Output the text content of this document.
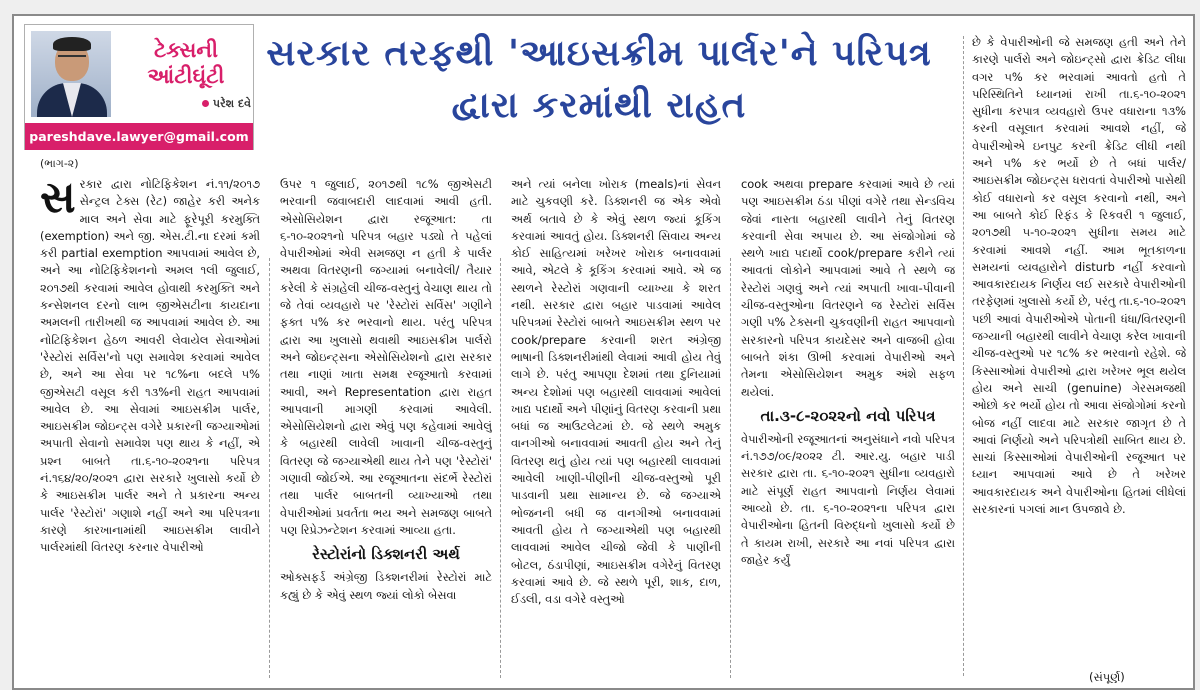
ટેક્સની આંટીઘૂંટી
પરેશ દવે
pareshdave.lawyer@gmail.com
(ભાગ-૨)
સરકાર તરફથી 'આઇસક્રીમ પાર્લર'ને પરિપત્ર દ્વારા કરમાંથી રાહત
સ રકાર દ્વારા નોટિફિકેશન નં.૧૧/૨૦૧૭ સેન્ટ્રલ ટેક્સ (રેટ) જાહેર કરી અનેક માલ અને સેવા માટે ફૂરેપૂરી કરમુક્તિ (exemption) અને જી. એસ.ટી.ના દરમાં કમી કરી partial exemption આપવામાં આવેલ છે, અને આ નોટિફિકેશનનો અમલ ૧લી જુલાઈ, ૨૦૧૭થી કરવામાં આવેલ હોવાથી કરમુક્તિ અને કન્સેશનલ દરનો લાભ જીએસટીના કાયદાના અમલની તારીખથી જ આપવામાં આવેલ છે. આ નોટિફિકેશન હેઠળ આવરી લેવાયેલ સેવાઓમાં 'રેસ્ટોરાં સર્વિસ'નો પણ સમાવેશ કરવામાં આવેલ છે, અને આ સેવા પર ૧૮%ના બદલે ૫% જીએસટી વસૂલ કરી ૧૩%ની રાહત આપવામાં આવેલ છે. આ સેવામાં આઇસક્રીમ પાર્લર, આઇસક્રીમ જોઇન્ટ્સ વગેરે પ્રકારની જગ્યાઓમાં અપાતી સેવાનો સમાવેશ પણ થાય કે નહીં, એ પ્રશ્ન બાબતે તા.૬-૧૦-૨૦૨૧ના પરિપત્ર નં.૧૬૪/૨૦/૨૦૨૧ દ્વારા સરકારે ખુલાસો કર્યો છે કે આઇસક્રીમ પાર્લર અને તે પ્રકારના અન્ય પાર્લર 'રેસ્ટોરાં' ગણાશે નહીં અને આ પરિપત્રના કારણે કારખાનામાંથી આઇસક્રીમ લાવીને પાર્લરમાંથી વિતરણ કરનાર વેપારીઓ

ઉપર ૧ જુલાઈ, ૨૦૧૭થી ૧૮% જીએસટી ભરવાની જવાબદારી લાદવામાં આવી હતી. એસોસિયેશન દ્વારા રજૂઆત: તા ૬-૧૦-૨૦૨૧નો પરિપત્ર બહાર પડ્યો તે પહેલાં વેપારીઓમાં એવી સમજણ ન હતી કે પાર્લર અથવા વિતરણની જગ્યામાં બનાવેલી/ તૈયાર કરેલી કે સંગ્રહેલી ચીજ-વસ્તુનું વેચાણ થાય તો જે તેવાં વ્યવહારો પર 'રેસ્ટોરાં સર્વિસ' ગણીને ફક્ત ૫% કર ભરવાનો થાય. પરંતુ પરિપત્ર દ્વારા આ ખુલાસો થવાથી આઇસક્રીમ પાર્લરો અને જોઇન્ટ્સના એસોસિયેશનો દ્વારા સરકાર તથા નાણાં ખાતા સમક્ષ રજૂઆતો કરવામાં આવી, અને Representation દ્વારા રાહત આપવાની માગણી કરવામાં આવેલી. એસોસિયેશનો દ્વારા એવું પણ કહેવામાં આવેલું કે બહારથી લાવેલી ખાવાની ચીજ-વસ્તુનું વિતરણ જે જગ્યાએથી થાય તેને પણ 'રેસ્ટોરાં' ગણાવી જોઈએ. આ રજૂઆતના સંદર્ભે રેસ્ટોરાં તથા પાર્લર બાબતની વ્યાખ્યાઓ તથા વેપારીઓમાં પ્રવર્તતા ભય અને સમજણ બાબતે પણ રિપ્રેઝન્ટેશન કરવામાં આવ્યા હતા.

રેસ્ટોરાંનો ડિક્શનરી અર્થ

ઓક્સફર્ડ અંગ્રેજી ડિક્શનરીમાં રેસ્ટોરાં માટે કહ્યું છે કે એવું સ્થળ જ્યાં લોકો બેસવા

અને ત્યાં બનેલા ખોરાક (meals)નાં સેવન માટે ચુકવણી કરે. ડિક્શનરી જ એક એવો અર્થ બતાવે છે કે એવું સ્થળ જ્યાં કૂકિંગ કરવામાં આવતું હોય. ડિક્શનરી સિવાય અન્ય કોઈ સાહિત્યમાં ખરેખર ખોરાક બનાવવામાં આવે, એટલે કે કૂકિંગ કરવામાં આવે. એ જ સ્થળને રેસ્ટોરાં ગણવાની વ્યાખ્યા કે શરત નથી. સરકાર દ્વારા બહાર પાડવામાં આવેલ પરિપત્રમાં રેસ્ટોરાં બાબતે આઇસક્રીમ સ્થળ પર cook/prepare કરવાની શરત અંગ્રેજી ભાષાની ડિક્શનરીમાંથી લેવામાં આવી હોય તેવું લાગે છે. પરંતુ આપણા દેશમાં તથા દુનિયામાં અન્ય દેશોમાં પણ બહારથી લાવવામાં આવેલાં ખાદ્ય પદાર્થો અને પીણાંનું વિતરણ કરવાની પ્રથા બધાં જ આઉટલેટમાં છે. જે સ્થળે અમુક વાનગીઓ બનાવવામાં આવતી હોય અને તેનું વિતરણ થતું હોય ત્યાં પણ બહારથી લાવવામાં આવેલી ખાણી-પીણીની ચીજ-વસ્તુઓ પૂરી પાડવાની પ્રથા સામાન્ય છે. જે જગ્યાએ ભોજનની બધી જ વાનગીઓ બનાવવામાં આવતી હોય તે જગ્યાએથી પણ બહારથી લાવવામાં આવેલ ચીજો જેવી કે પાણીની બોટલ, ઠંડાપીણાં, આઇસક્રીમ વગેરેનું વિતરણ કરવામાં આવે છે. જે સ્થળે પૂરી, શાક, દાળ, ઈડલી, વડા વગેરે વસ્તુઓ

cook અથવા prepare કરવામાં આવે છે ત્યાં પણ આઇસક્રીમ ઠંડા પીણાં વગેરે તથા સેન્ડવિચ જેવાં નાસ્તા બહારથી લાવીને તેનું વિતરણ કરવાની સેવા અપાય છે. આ સંજોગોમાં જે સ્થળે ખાદ્ય પદાર્થો cook/prepare કરીને ત્યાં આવતાં લોકોને આપવામાં આવે તે સ્થળે જ રેસ્ટોરાં ગણવું અને ત્યાં અપાતી ખાવા-પીવાની ચીજ-વસ્તુઓના વિતરણને જ રેસ્ટોરાં સર્વિસ ગણી ૫% ટેક્સની ચુકવણીની રાહત આપવાનો સરકારનો પરિપત્ર કાયદેસર અને વાજબી હોવા બાબતે શંકા ઊભી કરવામાં વેપારીઓ અને તેમના એસોસિયેશન અમુક અંશે સફળ થયેલાં.

તા.૩-૮-૨૦૨૨નો નવો પરિપત્ર

વેપારીઓની રજૂઆતનાં અનુસંધાને નવો પરિપત્ર નં.૧૭૭/૦૯/૨૦૨૨ ટી. આર.યુ. બહાર પાડી સરકાર દ્વારા તા. ૬-૧૦-૨૦૨૧ સુધીના વ્યવહારો માટે સંપૂર્ણ રાહત આપવાનો નિર્ણય લેવામાં આવ્યો છે. તા. ૬-૧૦-૨૦૨૧ના પરિપત્ર દ્વારા વેપારીઓના હિતની વિરુદ્ધનો ખુલાસો કર્યો છે તે કાયમ રાખી, સરકારે આ નવાં પરિપત્ર દ્વારા જાહેર કર્યું

છે કે વેપારીઓની જે સમજણ હતી અને તેને કારણે પાર્લરો અને જોઇન્ટ્સો દ્વારા ક્રેડિટ લીધા વગર ૫% કર ભરવામાં આવતો હતો તે પરિસ્થિતિને ધ્યાનમાં રાખી તા.૬-૧૦-૨૦૨૧ સુધીના કરપાત્ર વ્યવહારો ઉપર વધારાના ૧૩% કરની વસૂલાત કરવામાં આવશે નહીં, જે વેપારીઓએ ઇનપુટ કરની ક્રેડિટ લીધી નથી અને ૫% કર ભર્યો છે તે બધાં પાર્લર/ આઇસક્રીમ જોઇન્ટ્સ ધરાવતાં વેપારીઓ પાસેથી કોઈ વધારાનો કર વસૂલ કરવાનો નથી, અને આ બાબતે કોઈ રિફંડ કે રિકવરી ૧ જુલાઈ, ૨૦૧૭થી ૫-૧૦-૨૦૨૧ સુધીના સમય માટે કરવામાં આવશે નહીં. આમ ભૂતકાળના સમયનાં વ્યવહારોને disturb નહીં કરવાનો આવકારદાયક નિર્ણય લઈ સરકારે વેપારીઓની તરફેણમાં ખુલાસો કર્યો છે, પરંતુ તા.૬-૧૦-૨૦૨૧ પછી આવાં વેપારીઓએ પોતાની ધંધા/વિતરણની જગ્યાની બહારથી લાવીને વેચાણ કરેલ ખાવાની ચીજ-વસ્તુઓ પર ૧૮% કર ભરવાનો રહેશે. જે કિસ્સાઓમાં વેપારીઓ દ્વારા ખરેખર ભૂલ થયેલ હોય અને સાચી (genuine) ગેરસમજથી ઓછો કર ભર્યો હોય તો આવા સંજોગોમાં કરનો બોજ નહીં લાદવા માટે સરકાર જાગૃત છે તે આવાં નિર્ણયો અને પરિપત્રોથી સાબિત થાય છે. સાચાં કિસ્સાઓમાં વેપારીઓની રજૂઆત પર ધ્યાન આપવામાં આવે છે તે ખરેખર આવકારદાયક અને વેપારીઓના હિતમાં લીધેલાં સરકારનાં પગલાં માન ઉપજાવે છે.

(સંપૂર્ણ)
